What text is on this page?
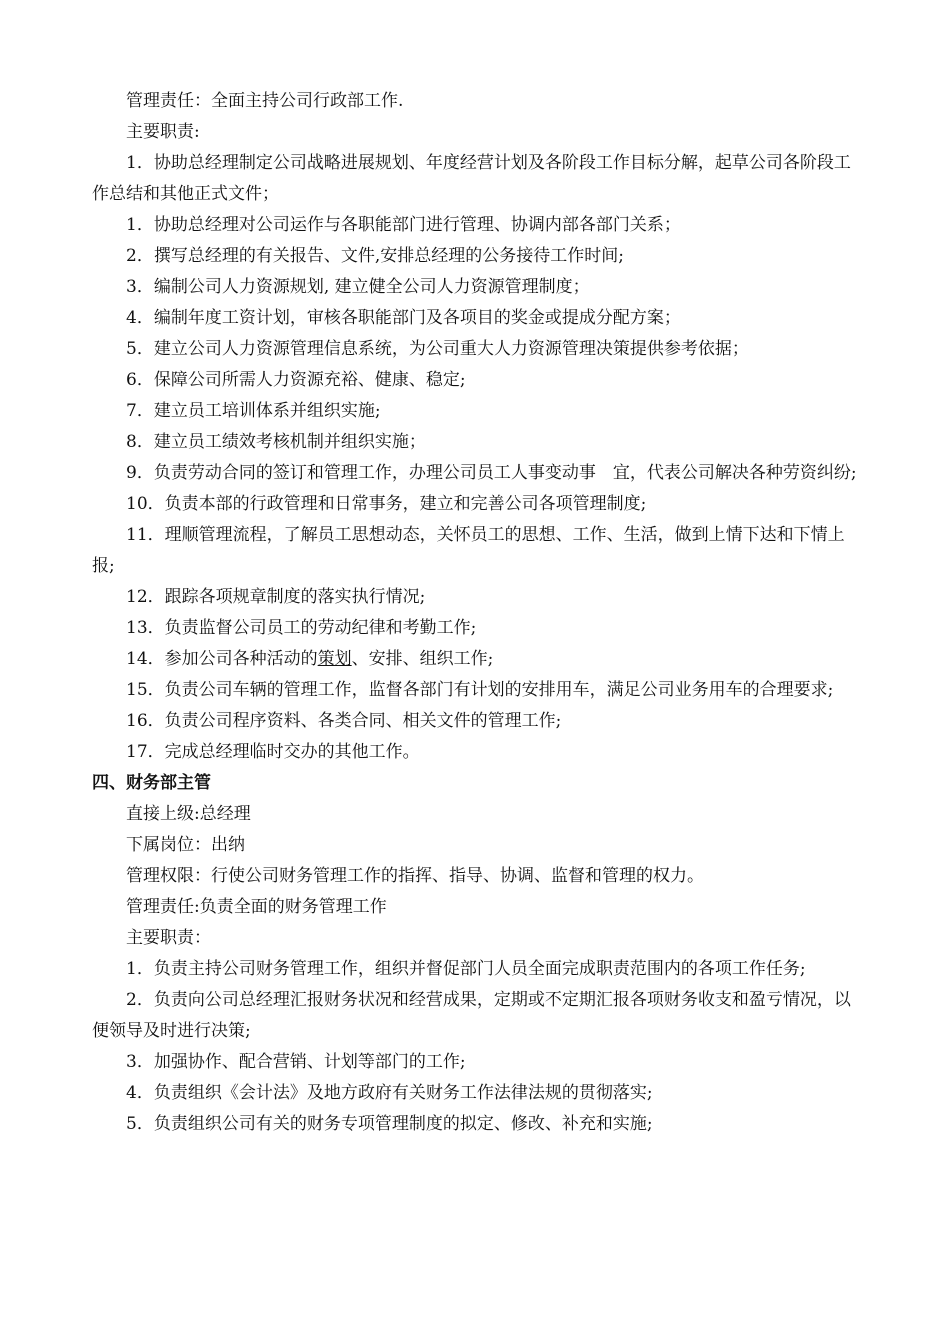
管理责任：全面主持公司行政部工作.

主要职责:

1．协助总经理制定公司战略进展规划、年度经营计划及各阶段工作目标分解，起草公司各阶段工作总结和其他正式文件；

1．协助总经理对公司运作与各职能部门进行管理、协调内部各部门关系；

2．撰写总经理的有关报告、文件,安排总经理的公务接待工作时间;

3．编制公司人力资源规划, 建立健全公司人力资源管理制度；

4．编制年度工资计划，审核各职能部门及各项目的奖金或提成分配方案；

5．建立公司人力资源管理信息系统，为公司重大人力资源管理决策提供参考依据；

6．保障公司所需人力资源充裕、健康、稳定;

7．建立员工培训体系并组织实施;

8．建立员工绩效考核机制并组织实施；

9．负责劳动合同的签订和管理工作，办理公司员工人事变动事　宜，代表公司解决各种劳资纠纷;

10．负责本部的行政管理和日常事务，建立和完善公司各项管理制度;

11．理顺管理流程，了解员工思想动态，关怀员工的思想、工作、生活，做到上情下达和下情上报;

12．跟踪各项规章制度的落实执行情况;

13．负责监督公司员工的劳动纪律和考勤工作;

14．参加公司各种活动的策划、安排、组织工作;

15．负责公司车辆的管理工作，监督各部门有计划的安排用车，满足公司业务用车的合理要求;

16．负责公司程序资料、各类合同、相关文件的管理工作;

17．完成总经理临时交办的其他工作。

四、财务部主管

直接上级:总经理

下属岗位：出纳

管理权限：行使公司财务管理工作的指挥、指导、协调、监督和管理的权力。

管理责任:负责全面的财务管理工作

主要职责：

1．负责主持公司财务管理工作，组织并督促部门人员全面完成职责范围内的各项工作任务;

2．负责向公司总经理汇报财务状况和经营成果，定期或不定期汇报各项财务收支和盈亏情况，以便领导及时进行决策;

3．加强协作、配合营销、计划等部门的工作;

4．负责组织《会计法》及地方政府有关财务工作法律法规的贯彻落实;

5．负责组织公司有关的财务专项管理制度的拟定、修改、补充和实施;
